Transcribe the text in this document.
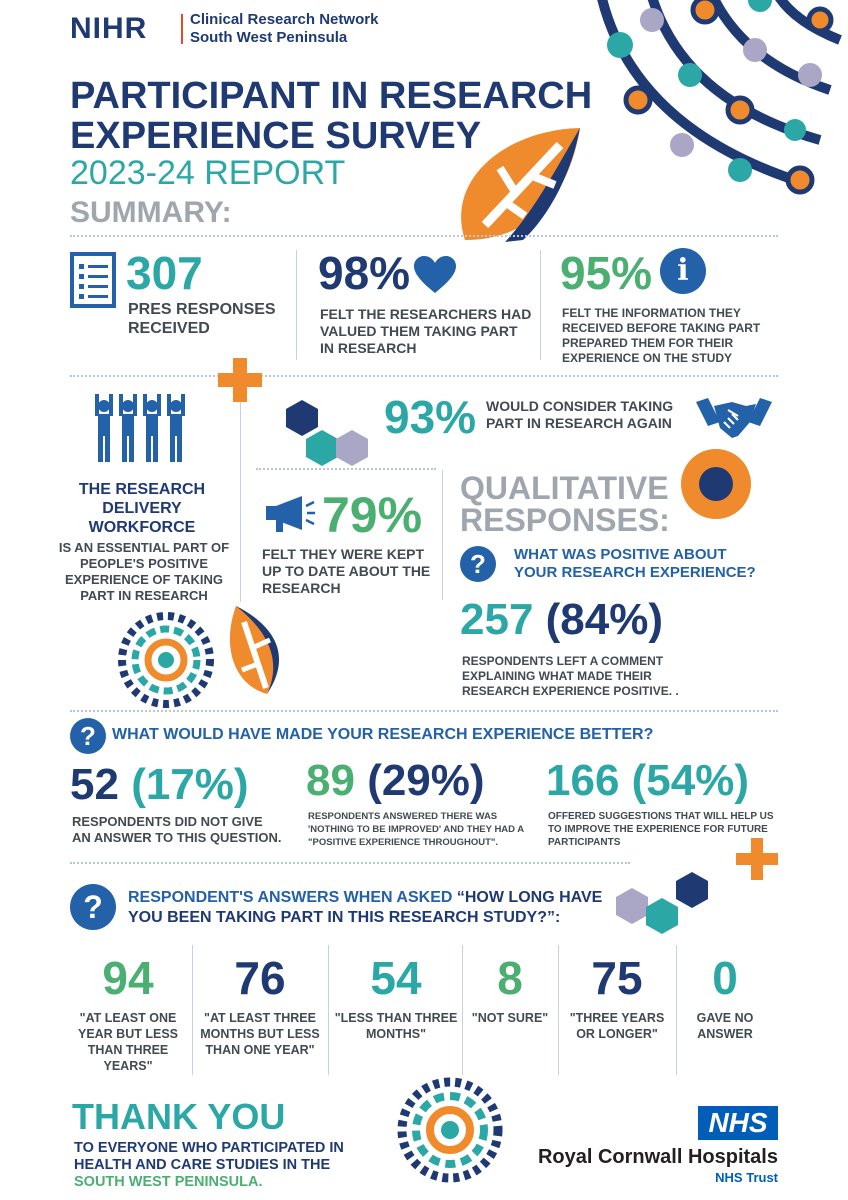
NIHR	Clinical Research Network
South West Peninsula
PARTICIPANT IN RESEARCH
EXPERIENCE SURVEY
2023-24 REPORT
SUMMARY:
307
PRES RESPONSES RECEIVED
98%
FELT THE RESEARCHERS HAD VALUED THEM TAKING PART IN RESEARCH
95% i
FELT THE INFORMATION THEY RECEIVED BEFORE TAKING PART PREPARED THEM FOR THEIR EXPERIENCE ON THE STUDY
THE RESEARCH DELIVERY WORKFORCE
IS AN ESSENTIAL PART OF PEOPLE'S POSITIVE EXPERIENCE OF TAKING PART IN RESEARCH
93% WOULD CONSIDER TAKING PART IN RESEARCH AGAIN
79%
FELT THEY WERE KEPT UP TO DATE ABOUT THE RESEARCH
QUALITATIVE
RESPONSES:
?	WHAT WAS POSITIVE ABOUT YOUR RESEARCH EXPERIENCE?
257 (84%)
RESPONDENTS LEFT A COMMENT EXPLAINING WHAT MADE THEIR RESEARCH EXPERIENCE POSITIVE. .
?	WHAT WOULD HAVE MADE YOUR RESEARCH EXPERIENCE BETTER?
52 (17%)
RESPONDENTS DID NOT GIVE AN ANSWER TO THIS QUESTION.
89 (29%)
RESPONDENTS ANSWERED THERE WAS 'NOTHING TO BE IMPROVED' AND THEY HAD A "POSITIVE EXPERIENCE THROUGHOUT".
166 (54%)
OFFERED SUGGESTIONS THAT WILL HELP US TO IMPROVE THE EXPERIENCE FOR FUTURE PARTICIPANTS
?	RESPONDENT'S ANSWERS WHEN ASKED “HOW LONG HAVE YOU BEEN TAKING PART IN THIS RESEARCH STUDY?”:
94
"AT LEAST ONE YEAR BUT LESS THAN THREE YEARS"
76
"AT LEAST THREE MONTHS BUT LESS THAN ONE YEAR"
54
"LESS THAN THREE MONTHS"
8
"NOT SURE"
75
"THREE YEARS OR LONGER"
0
GAVE NO ANSWER
THANK YOU
TO EVERYONE WHO PARTICIPATED IN
HEALTH AND CARE STUDIES IN THE
SOUTH WEST PENINSULA.
NHS
Royal Cornwall Hospitals
NHS Trust
